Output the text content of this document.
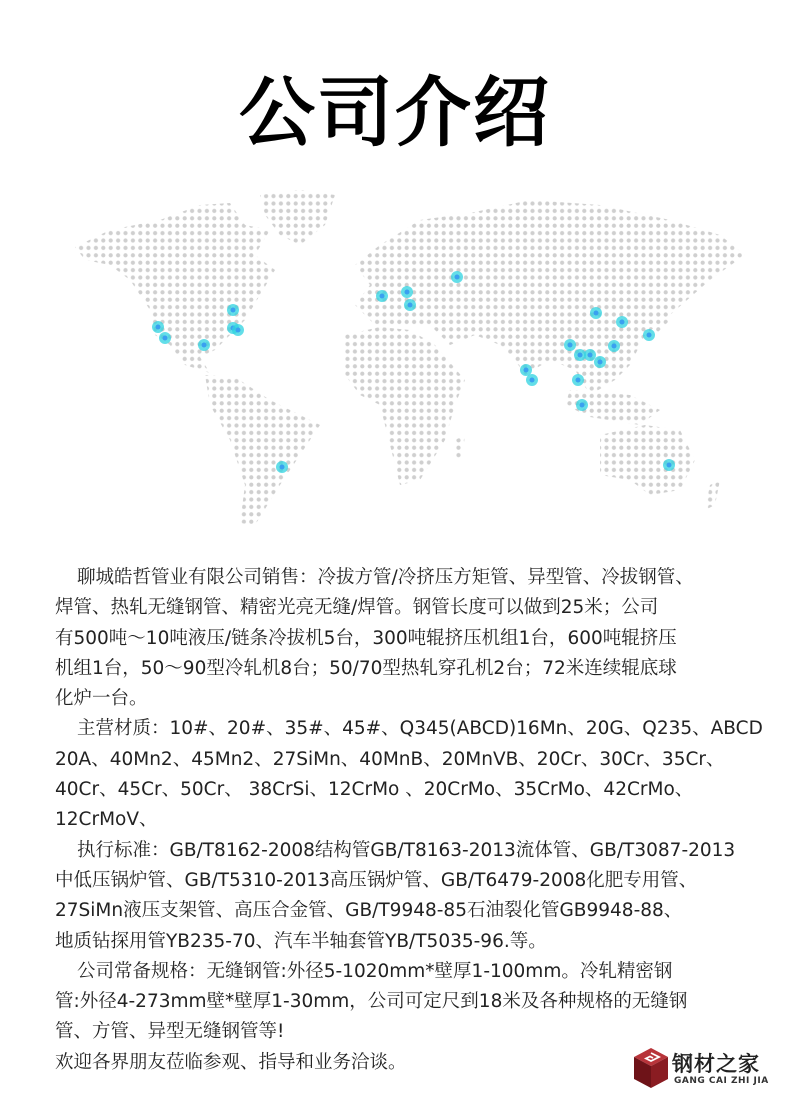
公司介绍
聊城皓哲管业有限公司销售：冷拔方管/冷挤压方矩管、异型管、冷拔钢管、
焊管、热轧无缝钢管、精密光亮无缝/焊管。钢管长度可以做到25米；公司
有500吨～10吨液压/链条冷拔机5台，300吨辊挤压机组1台，600吨辊挤压
机组1台，50～90型冷轧机8台；50/70型热轧穿孔机2台；72米连续辊底球
化炉一台。
主营材质：10#、20#、35#、45#、Q345(ABCD)16Mn、20G、Q235、ABCD
20A、40Mn2、45Mn2、27SiMn、40MnB、20MnVB、20Cr、30Cr、35Cr、
40Cr、45Cr、50Cr、 38CrSi、12CrMo 、20CrMo、35CrMo、42CrMo、
12CrMoV、
执行标准：GB/T8162-2008结构管GB/T8163-2013流体管、GB/T3087-2013
中低压锅炉管、GB/T5310-2013高压锅炉管、GB/T6479-2008化肥专用管、
27SiMn液压支架管、高压合金管、GB/T9948-85石油裂化管GB9948-88、
地质钻探用管YB235-70、汽车半轴套管YB/T5035-96.等。
公司常备规格：无缝钢管:外径5-1020mm*壁厚1-100mm。冷轧精密钢
管:外径4-273mm壁*壁厚1-30mm，公司可定尺到18米及各种规格的无缝钢
管、方管、异型无缝钢管等!
欢迎各界朋友莅临参观、指导和业务洽谈。	钢材之家
GANG CAI ZHI JIA
